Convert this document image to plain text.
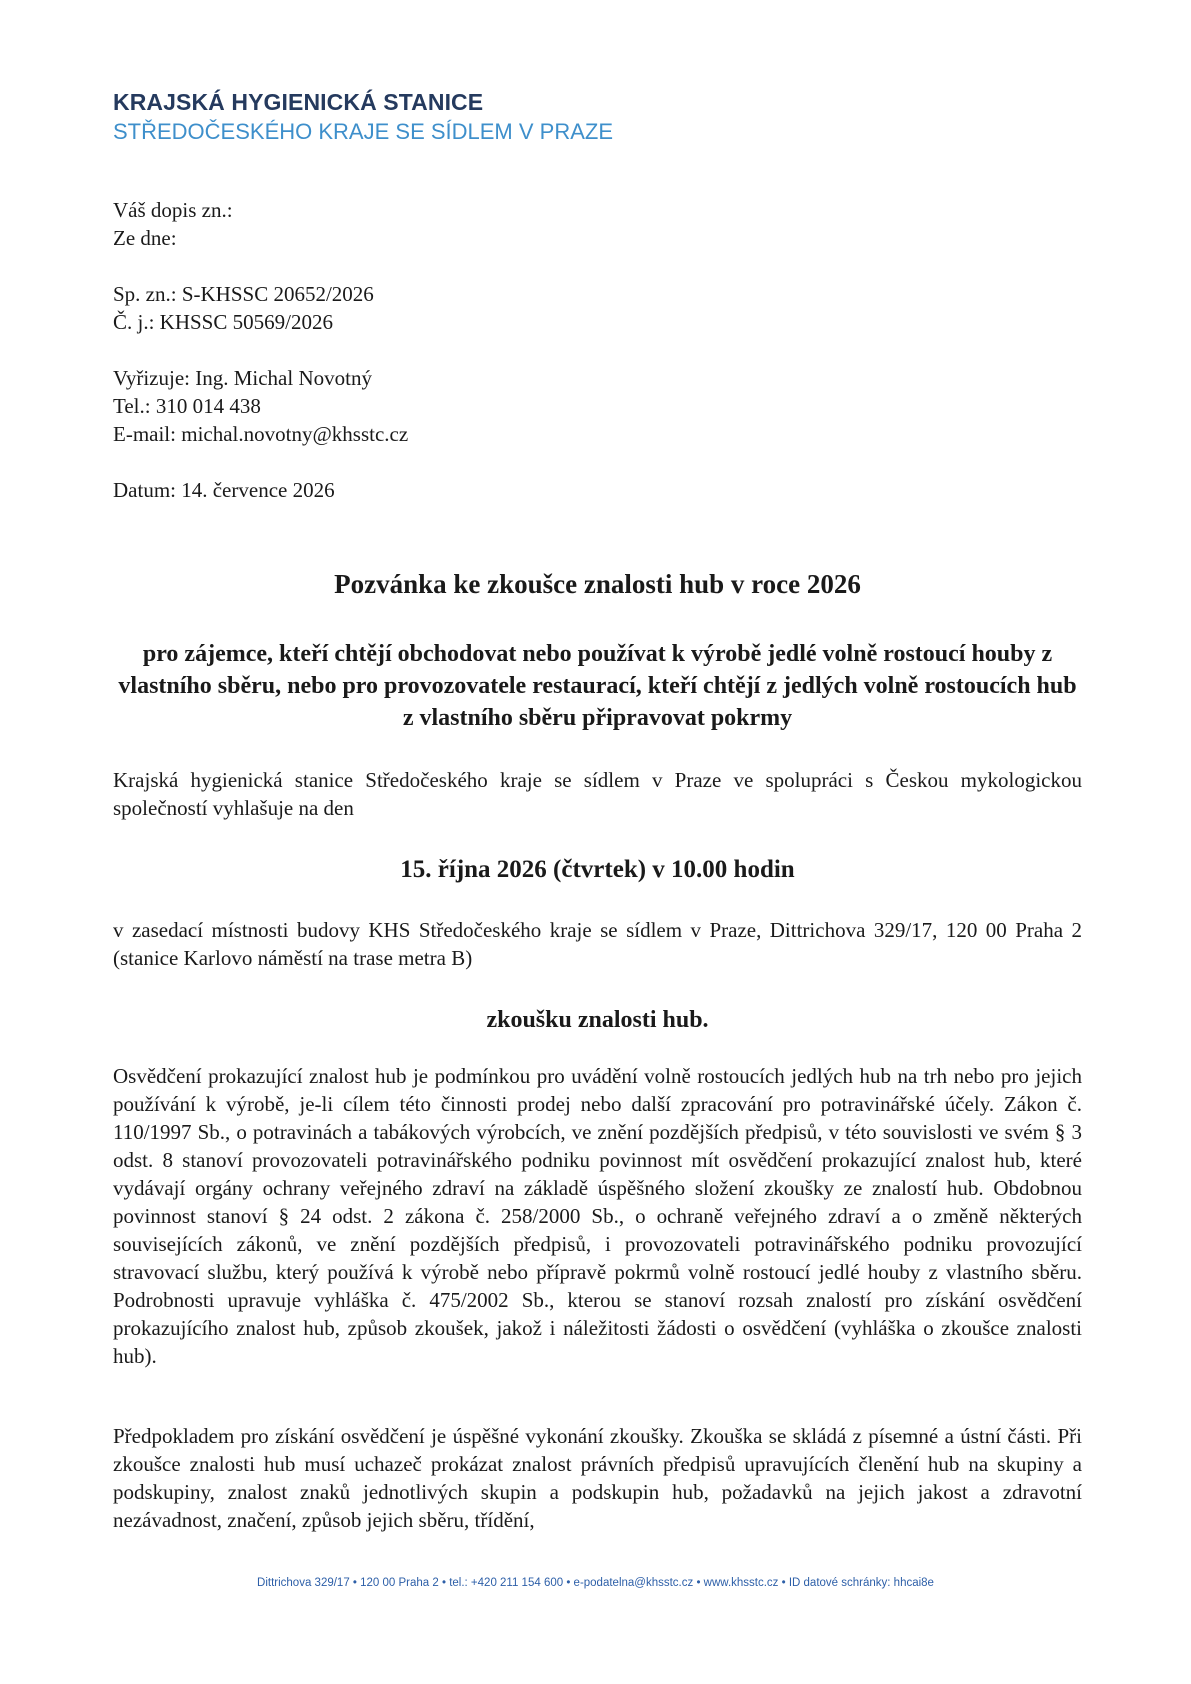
KRAJSKÁ HYGIENICKÁ STANICE
STŘEDOČESKÉHO KRAJE SE SÍDLEM V PRAZE
Váš dopis zn.:
Ze dne:
Sp. zn.: S-KHSSC 20652/2026
Č. j.: KHSSC 50569/2026
Vyřizuje: Ing. Michal Novotný
Tel.: 310 014 438
E-mail: michal.novotny@khsstc.cz
Datum: 14. července 2026
Pozvánka ke zkoušce znalosti hub v roce 2026
pro zájemce, kteří chtějí obchodovat nebo používat k výrobě jedlé volně rostoucí houby z vlastního sběru, nebo pro provozovatele restaurací, kteří chtějí z jedlých volně rostoucích hub z vlastního sběru připravovat pokrmy
Krajská hygienická stanice Středočeského kraje se sídlem v Praze ve spolupráci s Českou mykologickou společností vyhlašuje na den
15. října 2026 (čtvrtek) v 10.00 hodin
v zasedací místnosti budovy KHS Středočeského kraje se sídlem v Praze, Dittrichova 329/17, 120 00 Praha 2 (stanice Karlovo náměstí na trase metra B)
zkoušku znalosti hub.
Osvědčení prokazující znalost hub je podmínkou pro uvádění volně rostoucích jedlých hub na trh nebo pro jejich používání k výrobě, je-li cílem této činnosti prodej nebo další zpracování pro potravinářské účely. Zákon č. 110/1997 Sb., o potravinách a tabákových výrobcích, ve znění pozdějších předpisů, v této souvislosti ve svém § 3 odst. 8 stanoví provozovateli potravinářského podniku povinnost mít osvědčení prokazující znalost hub, které vydávají orgány ochrany veřejného zdraví na základě úspěšného složení zkoušky ze znalostí hub. Obdobnou povinnost stanoví § 24 odst. 2 zákona č. 258/2000 Sb., o ochraně veřejného zdraví a o změně některých souvisejících zákonů, ve znění pozdějších předpisů, i provozovateli potravinářského podniku provozující stravovací službu, který používá k výrobě nebo přípravě pokrmů volně rostoucí jedlé houby z vlastního sběru. Podrobnosti upravuje vyhláška č. 475/2002 Sb., kterou se stanoví rozsah znalostí pro získání osvědčení prokazujícího znalost hub, způsob zkoušek, jakož i náležitosti žádosti o osvědčení (vyhláška o zkoušce znalosti hub).
Předpokladem pro získání osvědčení je úspěšné vykonání zkoušky. Zkouška se skládá z písemné a ústní části. Při zkoušce znalosti hub musí uchazeč prokázat znalost právních předpisů upravujících členění hub na skupiny a podskupiny, znalost znaků jednotlivých skupin a podskupin hub, požadavků na jejich jakost a zdravotní nezávadnost, značení, způsob jejich sběru, třídění,
Dittrichova 329/17 • 120 00 Praha 2 • tel.: +420 211 154 600 • e-podatelna@khsstc.cz • www.khsstc.cz • ID datové schránky: hhcai8e
